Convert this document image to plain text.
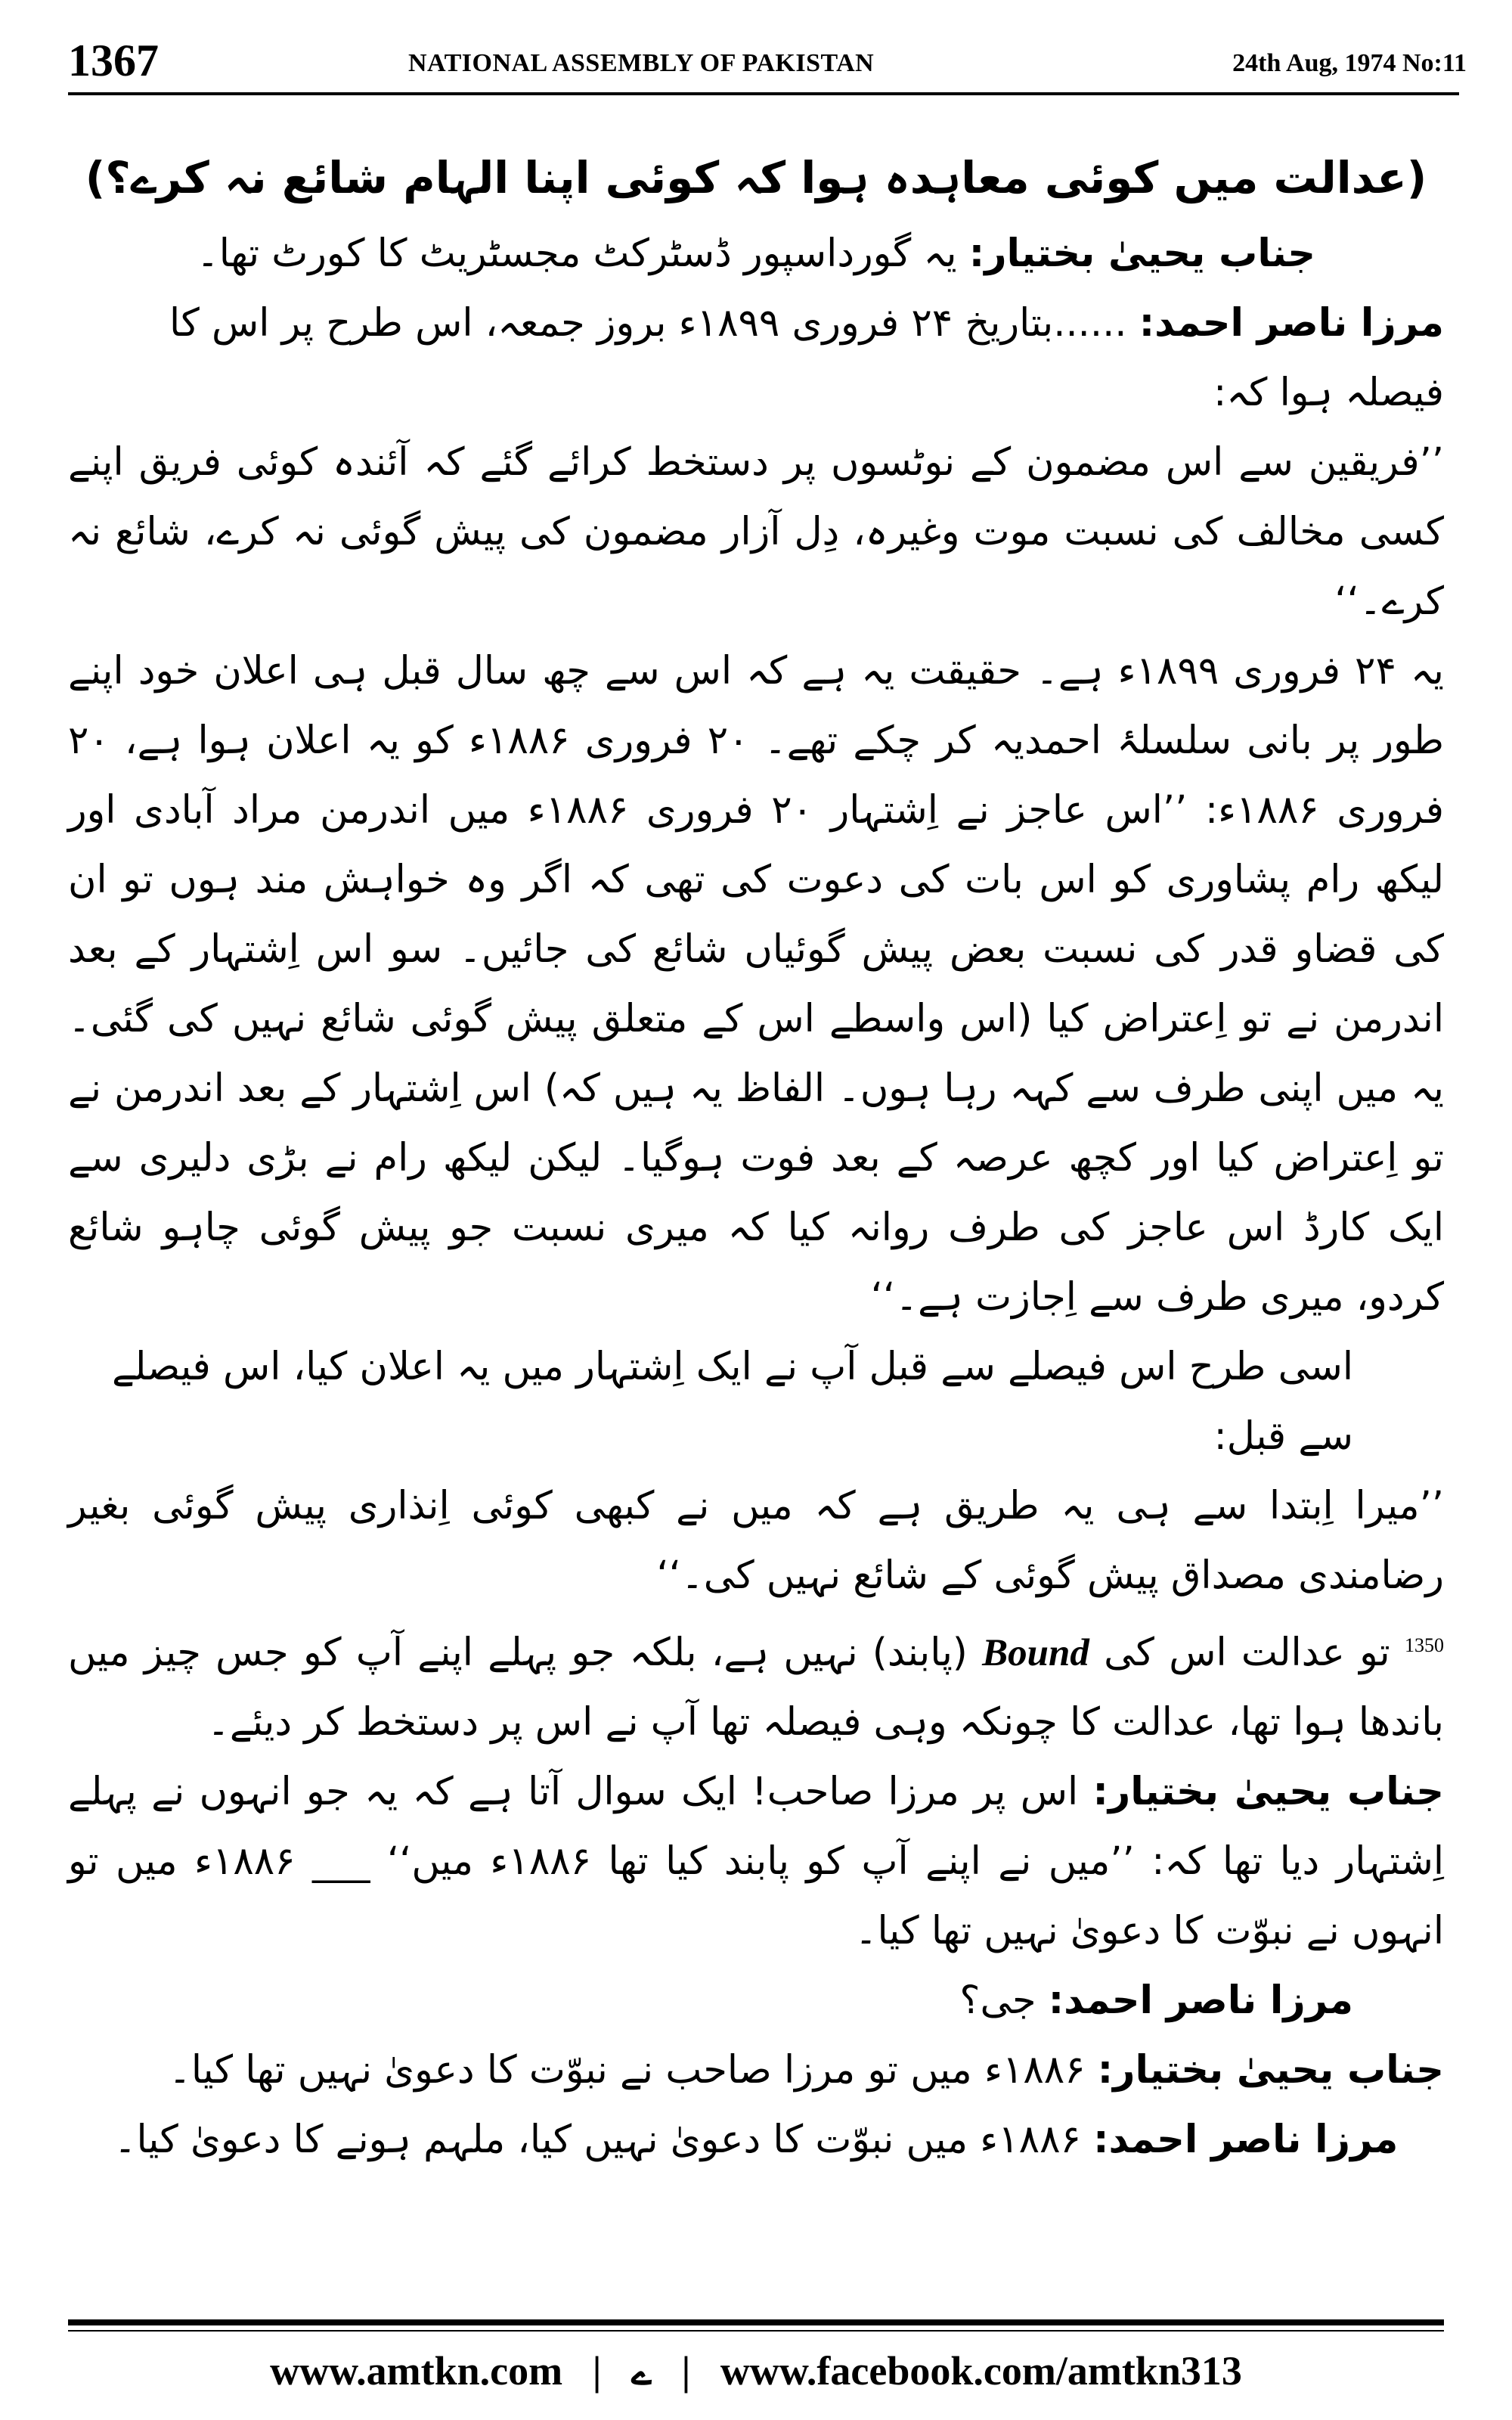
1367	NATIONAL ASSEMBLY OF PAKISTAN	24th Aug, 1974 No:11

(عدالت میں کوئی معاہدہ ہوا کہ کوئی اپنا الہام شائع نہ کرے؟)

جناب یحییٰ بختیار: یہ گورداسپور ڈسٹرکٹ مجسٹریٹ کا کورٹ تھا۔

مرزا ناصر احمد: ......بتاریخ ۲۴ فروری ۱۸۹۹ء بروز جمعہ، اس طرح پر اس کا فیصلہ ہوا کہ:

’’فریقین سے اس مضمون کے نوٹسوں پر دستخط کرائے گئے کہ آئندہ کوئی فریق اپنے کسی مخالف کی نسبت موت وغیرہ، دِل آزار مضمون کی پیش گوئی نہ کرے، شائع نہ کرے۔‘‘

یہ ۲۴ فروری ۱۸۹۹ء ہے۔ حقیقت یہ ہے کہ اس سے چھ سال قبل ہی اعلان خود اپنے طور پر بانی سلسلۂ احمدیہ کر چکے تھے۔ ۲۰ فروری ۱۸۸۶ء کو یہ اعلان ہوا ہے، ۲۰ فروری ۱۸۸۶ء: ’’اس عاجز نے اِشتہار ۲۰ فروری ۱۸۸۶ء میں اندرمن مراد آبادی اور لیکھ رام پشاوری کو اس بات کی دعوت کی تھی کہ اگر وہ خواہش مند ہوں تو ان کی قضاو قدر کی نسبت بعض پیش گوئیاں شائع کی جائیں۔ سو اس اِشتہار کے بعد اندرمن نے تو اِعتراض کیا (اس واسطے اس کے متعلق پیش گوئی شائع نہیں کی گئی۔ یہ میں اپنی طرف سے کہہ رہا ہوں۔ الفاظ یہ ہیں کہ) اس اِشتہار کے بعد اندرمن نے تو اِعتراض کیا اور کچھ عرصہ کے بعد فوت ہوگیا۔ لیکن لیکھ رام نے بڑی دلیری سے ایک کارڈ اس عاجز کی طرف روانہ کیا کہ میری نسبت جو پیش گوئی چاہو شائع کردو، میری طرف سے اِجازت ہے۔‘‘

اسی طرح اس فیصلے سے قبل آپ نے ایک اِشتہار میں یہ اعلان کیا، اس فیصلے سے قبل:

’’میرا اِبتدا سے ہی یہ طریق ہے کہ میں نے کبھی کوئی اِنذاری پیش گوئی بغیر رضامندی مصداق پیش گوئی کے شائع نہیں کی۔‘‘

$^{1350}$ تو عدالت اس کی Bound (پابند) نہیں ہے، بلکہ جو پہلے اپنے آپ کو جس چیز میں باندھا ہوا تھا، عدالت کا چونکہ وہی فیصلہ تھا آپ نے اس پر دستخط کر دیئے۔

جناب یحییٰ بختیار: اس پر مرزا صاحب! ایک سوال آتا ہے کہ یہ جو انہوں نے پہلے اِشتہار دیا تھا کہ: ’’میں نے اپنے آپ کو پابند کیا تھا ۱۸۸۶ء میں‘‘ ___ ۱۸۸۶ء میں تو انہوں نے نبوّت کا دعویٰ نہیں تھا کیا۔

مرزا ناصر احمد: جی؟

جناب یحییٰ بختیار: ۱۸۸۶ء میں تو مرزا صاحب نے نبوّت کا دعویٰ نہیں تھا کیا۔

مرزا ناصر احمد: ۱۸۸۶ء میں نبوّت کا دعویٰ نہیں کیا، ملہم ہونے کا دعویٰ کیا۔

www.amtkn.com | ے | www.facebook.com/amtkn313
